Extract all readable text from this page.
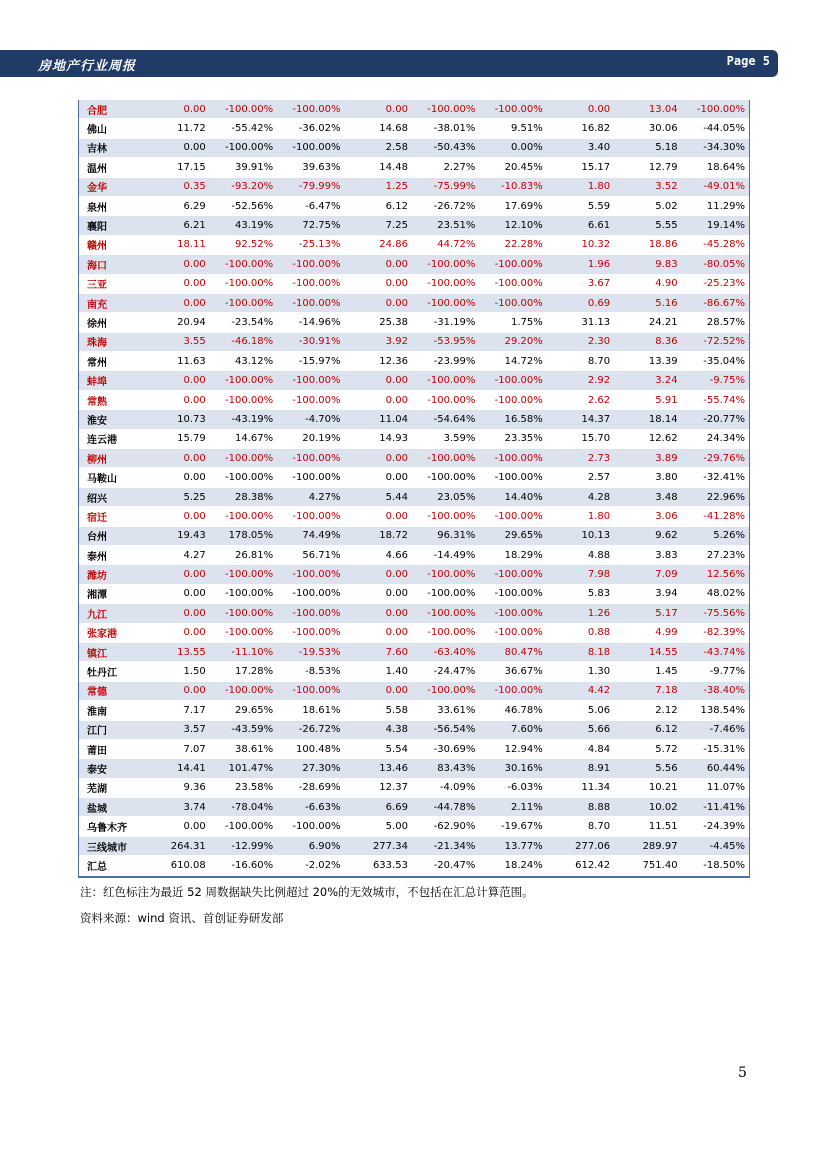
房地产行业周报	Page 5
合肥	0.00	-100.00%	-100.00%	0.00	-100.00%	-100.00%	0.00	13.04	-100.00%
佛山	11.72	-55.42%	-36.02%	14.68	-38.01%	9.51%	16.82	30.06	-44.05%
吉林	0.00	-100.00%	-100.00%	2.58	-50.43%	0.00%	3.40	5.18	-34.30%
温州	17.15	39.91%	39.63%	14.48	2.27%	20.45%	15.17	12.79	18.64%
金华	0.35	-93.20%	-79.99%	1.25	-75.99%	-10.83%	1.80	3.52	-49.01%
泉州	6.29	-52.56%	-6.47%	6.12	-26.72%	17.69%	5.59	5.02	11.29%
襄阳	6.21	43.19%	72.75%	7.25	23.51%	12.10%	6.61	5.55	19.14%
赣州	18.11	92.52%	-25.13%	24.86	44.72%	22.28%	10.32	18.86	-45.28%
海口	0.00	-100.00%	-100.00%	0.00	-100.00%	-100.00%	1.96	9.83	-80.05%
三亚	0.00	-100.00%	-100.00%	0.00	-100.00%	-100.00%	3.67	4.90	-25.23%
南充	0.00	-100.00%	-100.00%	0.00	-100.00%	-100.00%	0.69	5.16	-86.67%
徐州	20.94	-23.54%	-14.96%	25.38	-31.19%	1.75%	31.13	24.21	28.57%
珠海	3.55	-46.18%	-30.91%	3.92	-53.95%	29.20%	2.30	8.36	-72.52%
常州	11.63	43.12%	-15.97%	12.36	-23.99%	14.72%	8.70	13.39	-35.04%
蚌埠	0.00	-100.00%	-100.00%	0.00	-100.00%	-100.00%	2.92	3.24	-9.75%
常熟	0.00	-100.00%	-100.00%	0.00	-100.00%	-100.00%	2.62	5.91	-55.74%
淮安	10.73	-43.19%	-4.70%	11.04	-54.64%	16.58%	14.37	18.14	-20.77%
连云港	15.79	14.67%	20.19%	14.93	3.59%	23.35%	15.70	12.62	24.34%
柳州	0.00	-100.00%	-100.00%	0.00	-100.00%	-100.00%	2.73	3.89	-29.76%
马鞍山	0.00	-100.00%	-100.00%	0.00	-100.00%	-100.00%	2.57	3.80	-32.41%
绍兴	5.25	28.38%	4.27%	5.44	23.05%	14.40%	4.28	3.48	22.96%
宿迁	0.00	-100.00%	-100.00%	0.00	-100.00%	-100.00%	1.80	3.06	-41.28%
台州	19.43	178.05%	74.49%	18.72	96.31%	29.65%	10.13	9.62	5.26%
泰州	4.27	26.81%	56.71%	4.66	-14.49%	18.29%	4.88	3.83	27.23%
潍坊	0.00	-100.00%	-100.00%	0.00	-100.00%	-100.00%	7.98	7.09	12.56%
湘潭	0.00	-100.00%	-100.00%	0.00	-100.00%	-100.00%	5.83	3.94	48.02%
九江	0.00	-100.00%	-100.00%	0.00	-100.00%	-100.00%	1.26	5.17	-75.56%
张家港	0.00	-100.00%	-100.00%	0.00	-100.00%	-100.00%	0.88	4.99	-82.39%
镇江	13.55	-11.10%	-19.53%	7.60	-63.40%	80.47%	8.18	14.55	-43.74%
牡丹江	1.50	17.28%	-8.53%	1.40	-24.47%	36.67%	1.30	1.45	-9.77%
常德	0.00	-100.00%	-100.00%	0.00	-100.00%	-100.00%	4.42	7.18	-38.40%
淮南	7.17	29.65%	18.61%	5.58	33.61%	46.78%	5.06	2.12	138.54%
江门	3.57	-43.59%	-26.72%	4.38	-56.54%	7.60%	5.66	6.12	-7.46%
莆田	7.07	38.61%	100.48%	5.54	-30.69%	12.94%	4.84	5.72	-15.31%
泰安	14.41	101.47%	27.30%	13.46	83.43%	30.16%	8.91	5.56	60.44%
芜湖	9.36	23.58%	-28.69%	12.37	-4.09%	-6.03%	11.34	10.21	11.07%
盐城	3.74	-78.04%	-6.63%	6.69	-44.78%	2.11%	8.88	10.02	-11.41%
乌鲁木齐	0.00	-100.00%	-100.00%	5.00	-62.90%	-19.67%	8.70	11.51	-24.39%
三线城市	264.31	-12.99%	6.90%	277.34	-21.34%	13.77%	277.06	289.97	-4.45%
汇总	610.08	-16.60%	-2.02%	633.53	-20.47%	18.24%	612.42	751.40	-18.50%
注：红色标注为最近 52 周数据缺失比例超过 20%的无效城市，不包括在汇总计算范围。
资料来源：wind 资讯、首创证券研发部
5
